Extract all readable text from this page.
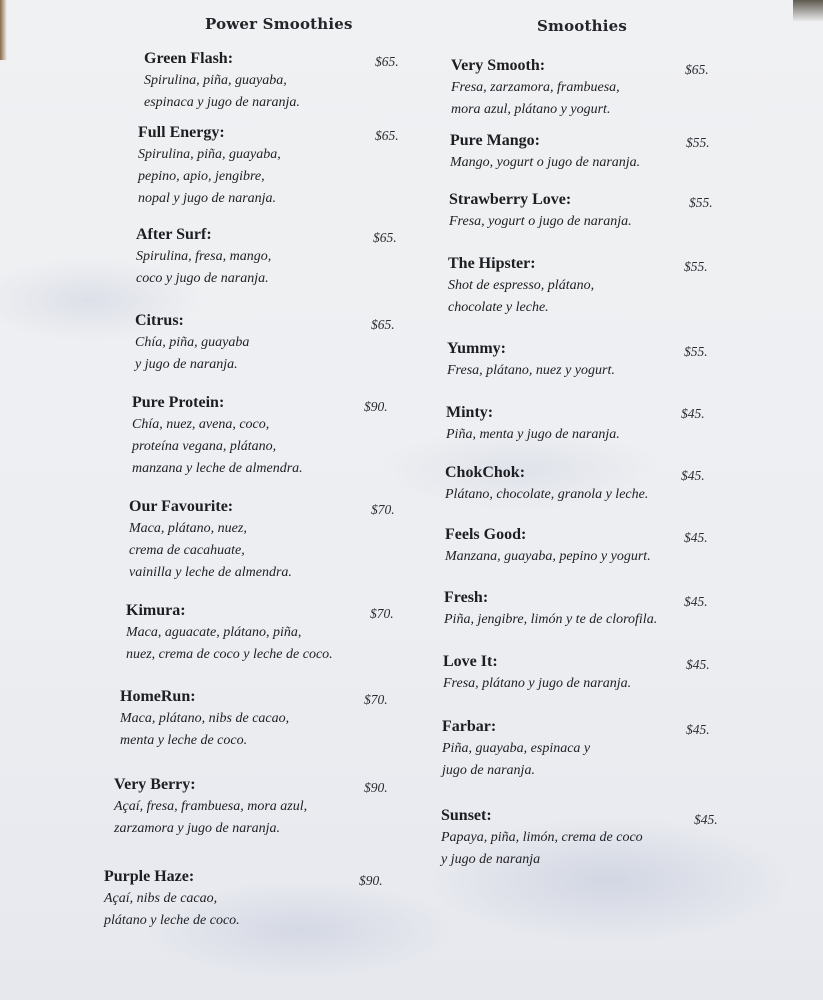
Power Smoothies	Smoothies
Green Flash:
Spirulina, piña, guayaba,
espinaca y jugo de naranja.
$65.
Full Energy:
Spirulina, piña, guayaba,
pepino, apio, jengibre,
nopal y jugo de naranja.
$65.
After Surf:
Spirulina, fresa, mango,
coco y jugo de naranja.
$65.
Citrus:
Chía, piña, guayaba
y jugo de naranja.
$65.
Pure Protein:
Chía, nuez, avena, coco,
proteína vegana, plátano,
manzana y leche de almendra.
$90.
Our Favourite:
Maca, plátano, nuez,
crema de cacahuate,
vainilla y leche de almendra.
$70.
Kimura:
Maca, aguacate, plátano, piña,
nuez, crema de coco y leche de coco.
$70.
HomeRun:
Maca, plátano, nibs de cacao,
menta y leche de coco.
$70.
Very Berry:
Açaí, fresa, frambuesa, mora azul,
zarzamora y jugo de naranja.
$90.
Purple Haze:
Açaí, nibs de cacao,
plátano y leche de coco.
$90.
Very Smooth:
Fresa, zarzamora, frambuesa,
mora azul, plátano y yogurt.
$65.
Pure Mango:
Mango, yogurt o jugo de naranja.
$55.
Strawberry Love:
Fresa, yogurt o jugo de naranja.
$55.
The Hipster:
Shot de espresso, plátano,
chocolate y leche.
$55.
Yummy:
Fresa, plátano, nuez y yogurt.
$55.
Minty:
Piña, menta y jugo de naranja.
$45.
ChokChok:
Plátano, chocolate, granola y leche.
$45.
Feels Good:
Manzana, guayaba, pepino y yogurt.
$45.
Fresh:
Piña, jengibre, limón y te de clorofila.
$45.
Love It:
Fresa, plátano y jugo de naranja.
$45.
Farbar:
Piña, guayaba, espinaca y
jugo de naranja.
$45.
Sunset:
Papaya, piña, limón, crema de coco
y jugo de naranja
$45.
